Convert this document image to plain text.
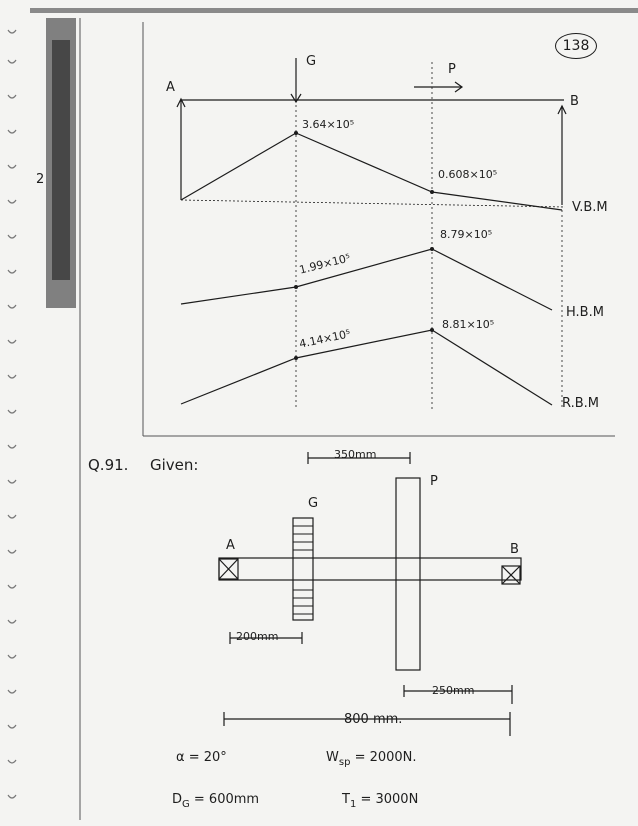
138
2
G
P
A
B
3.64×10⁵
0.608×10⁵
V.B.M
1.99×10⁵
8.79×10⁵
H.B.M
4.14×10⁵
8.81×10⁵
R.B.M
Q.91. Given:
350mm
P
G
A	B
200mm
250mm
800 mm.
α = 20°	$W_{sp} = 2000N$.
$D_G = 600mm$	$T_1 = 3000N$
